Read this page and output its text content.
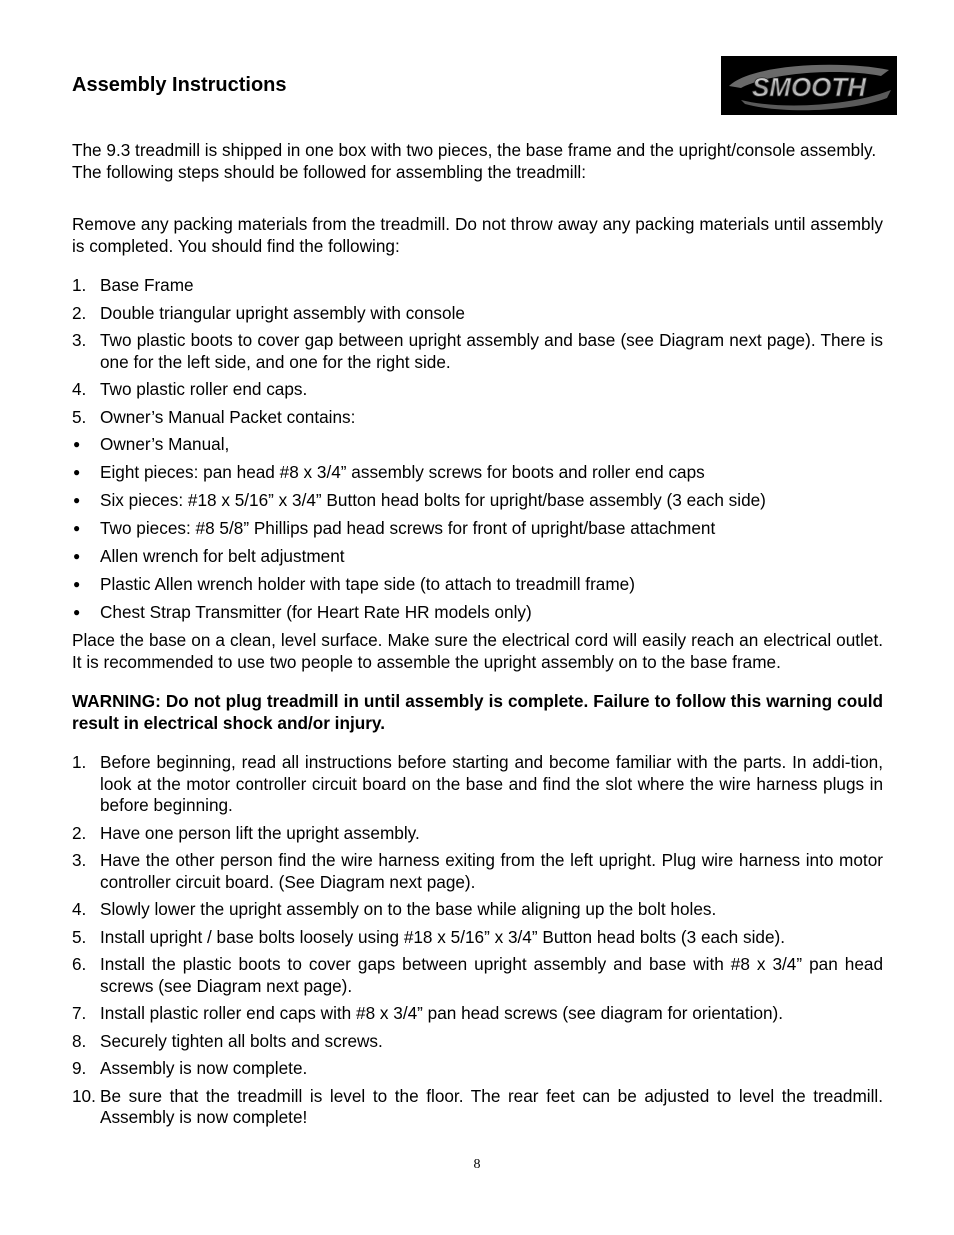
Assembly Instructions	SMOOTH

The 9.3 treadmill is shipped in one box with two pieces, the base frame and the upright/console assembly. The following steps should be followed for assembling the treadmill:

Remove any packing materials from the treadmill. Do not throw away any packing materials until assembly is completed. You should find the following:

1. Base Frame
2. Double triangular upright assembly with console
3. Two plastic boots to cover gap between upright assembly and base (see Diagram next page). There is one for the left side, and one for the right side.
4. Two plastic roller end caps.
5. Owner’s Manual Packet contains:
● Owner’s Manual,
● Eight pieces: pan head #8 x 3/4” assembly screws for boots and roller end caps
● Six pieces: #18 x 5/16” x 3/4” Button head bolts for upright/base assembly (3 each side)
● Two pieces: #8 5/8” Phillips pad head screws for front of upright/base attachment
● Allen wrench for belt adjustment
● Plastic Allen wrench holder with tape side (to attach to treadmill frame)
● Chest Strap Transmitter (for Heart Rate HR models only)

Place the base on a clean, level surface. Make sure the electrical cord will easily reach an electrical outlet. It is recommended to use two people to assemble the upright assembly on to the base frame.

WARNING: Do not plug treadmill in until assembly is complete. Failure to follow this warning could result in electrical shock and/or injury.

1. Before beginning, read all instructions before starting and become familiar with the parts. In addi-tion, look at the motor controller circuit board on the base and find the slot where the wire harness plugs in before beginning.
2. Have one person lift the upright assembly.
3. Have the other person find the wire harness exiting from the left upright. Plug wire harness into motor controller circuit board. (See Diagram next page).
4. Slowly lower the upright assembly on to the base while aligning up the bolt holes.
5. Install upright / base bolts loosely using #18 x 5/16” x 3/4” Button head bolts (3 each side).
6. Install the plastic boots to cover gaps between upright assembly and base with #8 x 3/4” pan head screws (see Diagram next page).
7. Install plastic roller end caps with #8 x 3/4” pan head screws (see diagram for orientation).
8. Securely tighten all bolts and screws.
9. Assembly is now complete.
10. Be sure that the treadmill is level to the floor. The rear feet can be adjusted to level the treadmill. Assembly is now complete!
8
